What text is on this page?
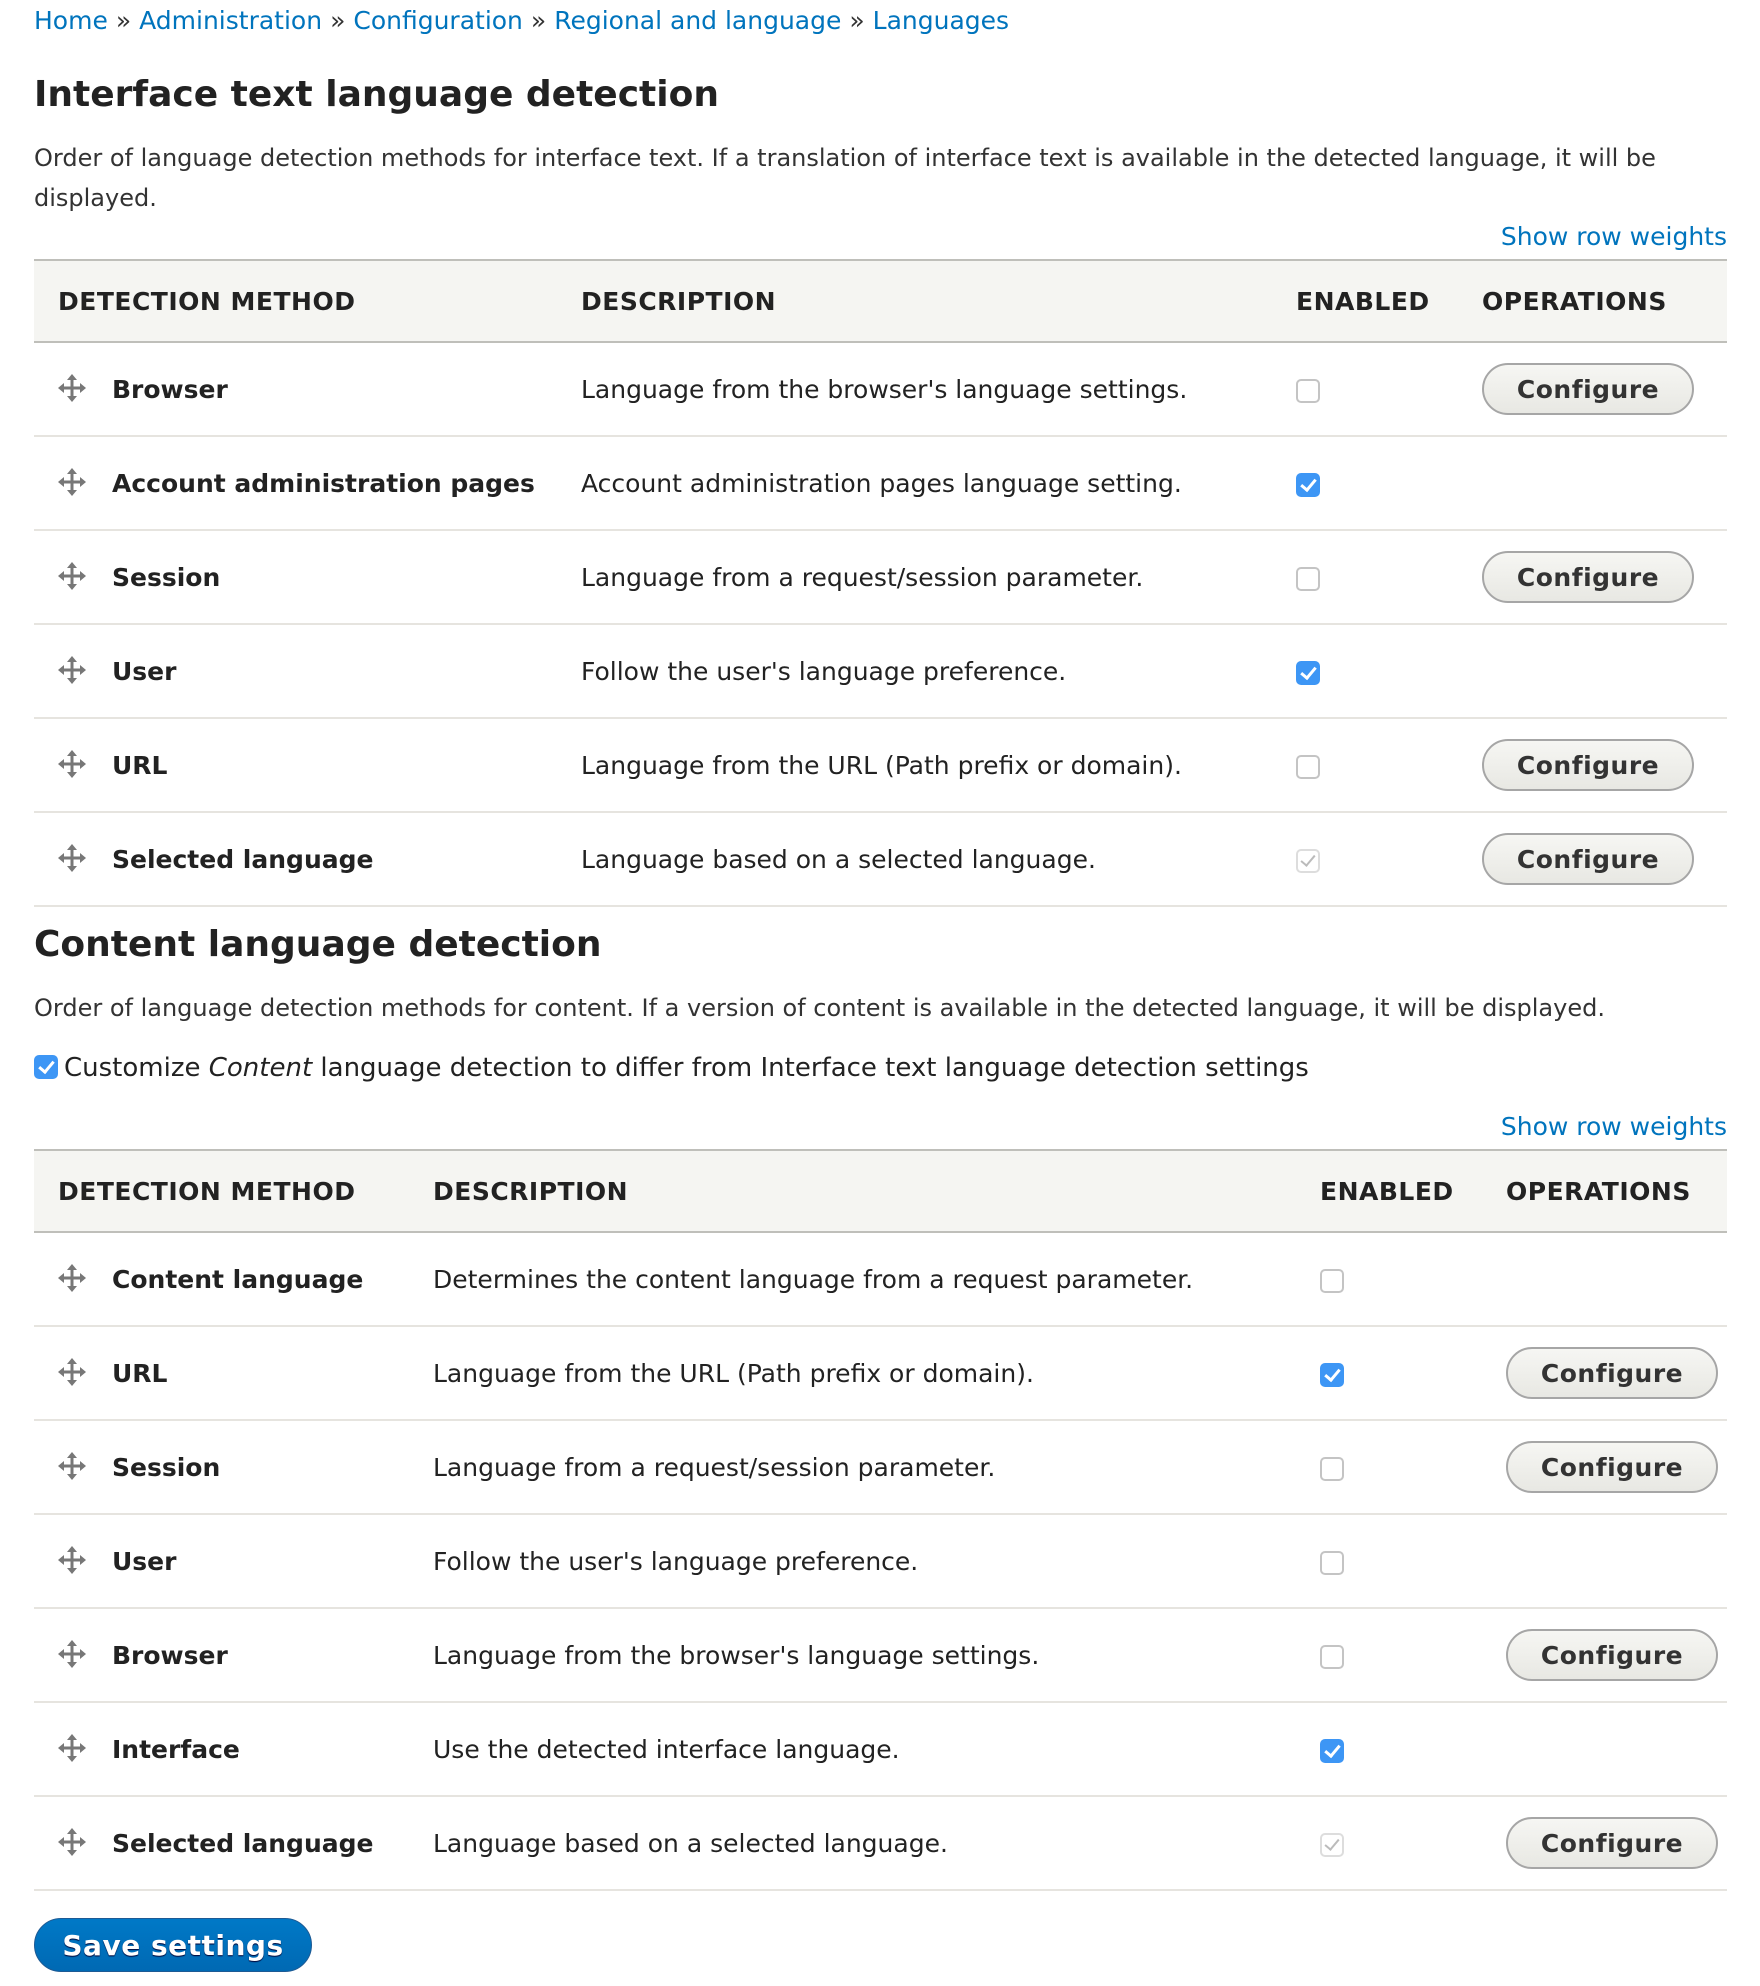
Home » Administration » Configuration » Regional and language » Languages
Interface text language detection
Order of language detection methods for interface text. If a translation of interface text is available in the detected language, it will be displayed.
Show row weights
DETECTION METHOD	DESCRIPTION	ENABLED	OPERATIONS
Browser	Language from the browser's language settings.		Configure
Account administration pages	Account administration pages language setting.		
Session	Language from a request/session parameter.		Configure
User	Follow the user's language preference.		
URL	Language from the URL (Path prefix or domain).		Configure
Selected language	Language based on a selected language.		Configure
Content language detection
Order of language detection methods for content. If a version of content is available in the detected language, it will be displayed.
Customize Content language detection to differ from Interface text language detection settings
Show row weights
DETECTION METHOD	DESCRIPTION	ENABLED	OPERATIONS
Content language	Determines the content language from a request parameter.		
URL	Language from the URL (Path prefix or domain).		Configure
Session	Language from a request/session parameter.		Configure
User	Follow the user's language preference.		
Browser	Language from the browser's language settings.		Configure
Interface	Use the detected interface language.		
Selected language	Language based on a selected language.		Configure
Save settings
